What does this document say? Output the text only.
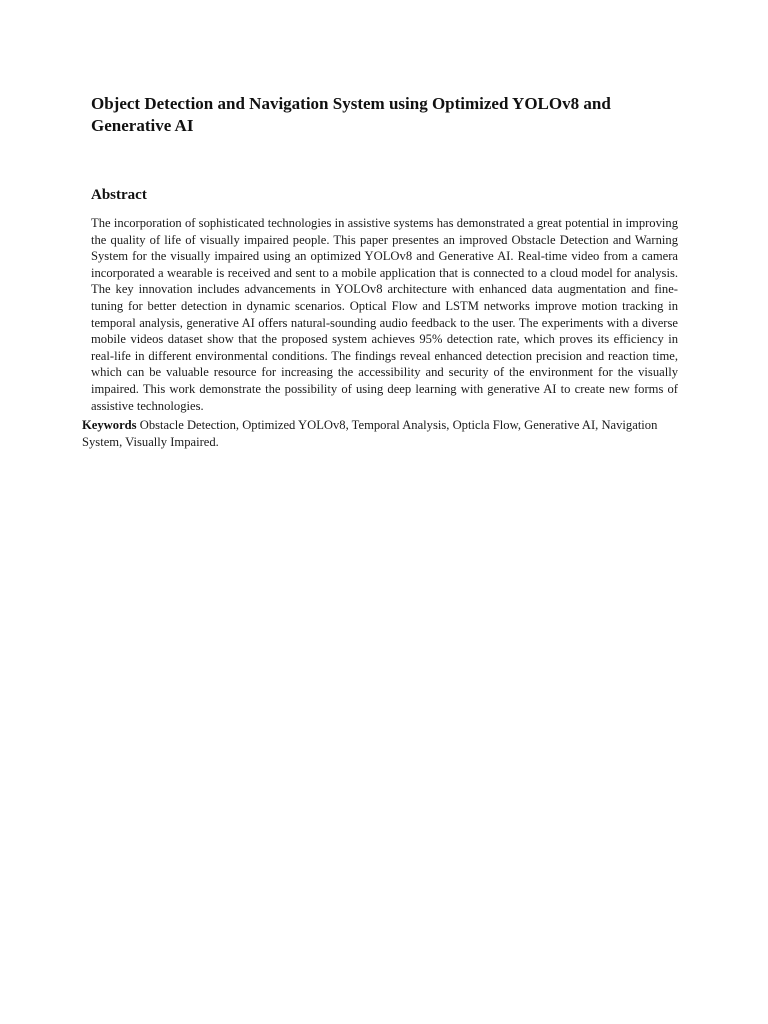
Object Detection and Navigation System using Optimized YOLOv8 and Generative AI
Abstract

The incorporation of sophisticated technologies in assistive systems has demonstrated a great potential in improving the quality of life of visually impaired people. This paper presentes an improved Obstacle Detection and Warning System for the visually impaired using an optimized YOLOv8 and Generative AI. Real-time video from a camera incorporated a wearable is received and sent to a mobile application that is connected to a cloud model for analysis. The key innovation includes advancements in YOLOv8 architecture with enhanced data augmentation and fine-tuning for better detection in dynamic scenarios. Optical Flow and LSTM networks improve motion tracking in temporal analysis, generative AI offers natural-sounding audio feedback to the user. The experiments with a diverse mobile videos dataset show that the proposed system achieves 95% detection rate, which proves its efficiency in real-life in different environmental conditions. The findings reveal enhanced detection precision and reaction time, which can be valuable resource for increasing the accessibility and security of the environment for the visually impaired. This work demonstrate the possibility of using deep learning with generative AI to create new forms of assistive technologies.

Keywords Obstacle Detection, Optimized YOLOv8, Temporal Analysis, Opticla Flow, Generative AI, Navigation System, Visually Impaired.
